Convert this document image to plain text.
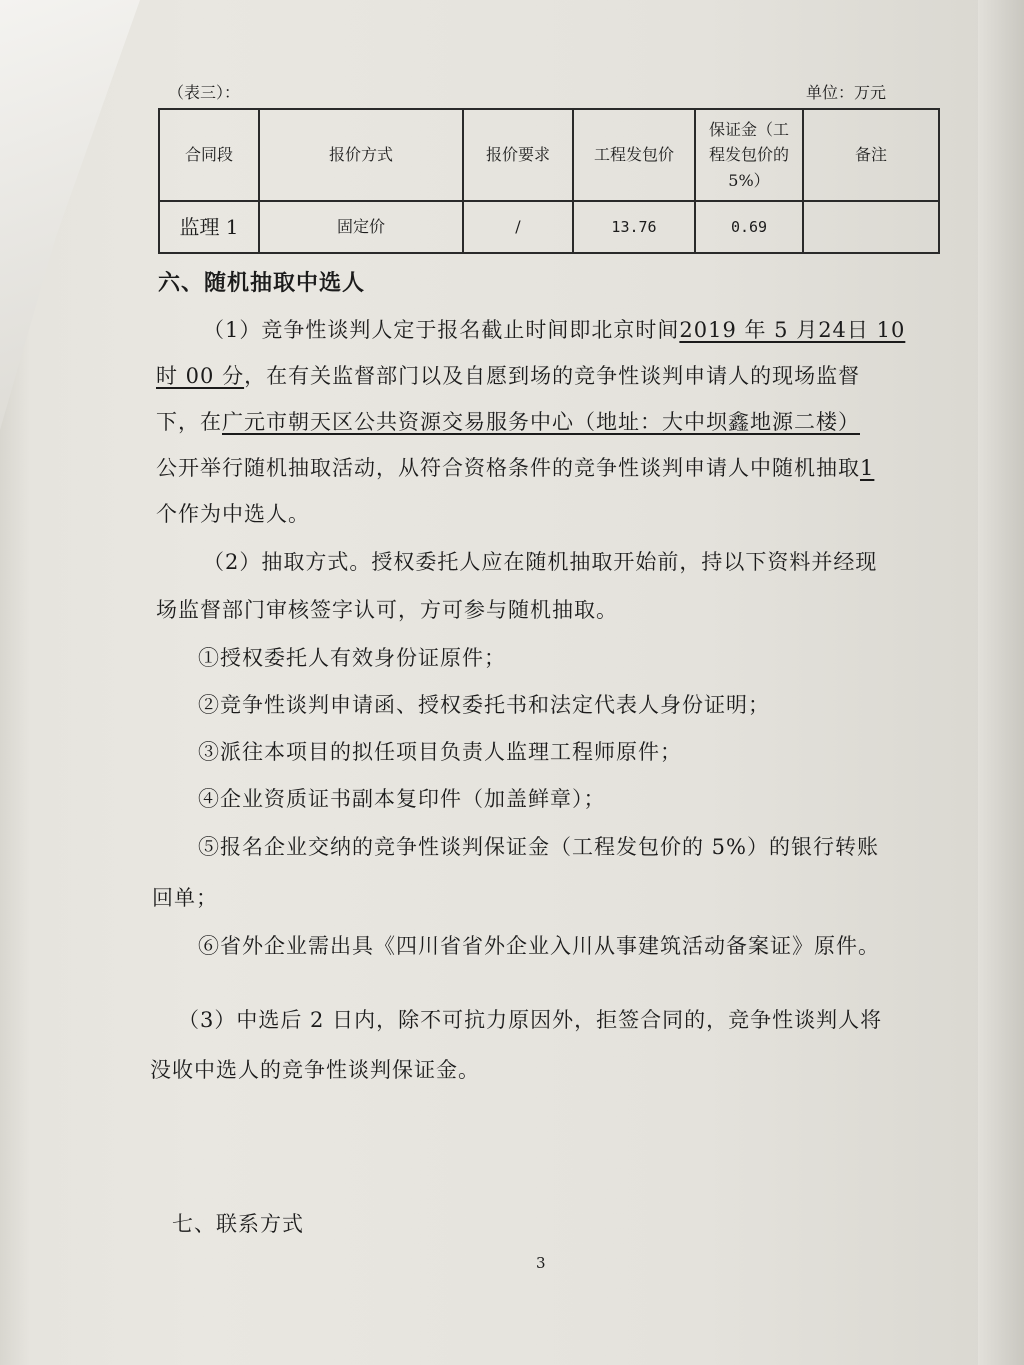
（表三）：	单位：万元
合同段	报价方式	报价要求	工程发包价	保证金（工程发包价的 5%）	备注
监理 1	固定价	/	13.76	0.69	
六、随机抽取中选人
（1）竞争性谈判人定于报名截止时间即北京时间2019 年 5 月24日 10
时 00 分，在有关监督部门以及自愿到场的竞争性谈判申请人的现场监督
下，在广元市朝天区公共资源交易服务中心（地址：大中坝鑫地源二楼）
公开举行随机抽取活动，从符合资格条件的竞争性谈判申请人中随机抽取1
个作为中选人。
（2）抽取方式。授权委托人应在随机抽取开始前，持以下资料并经现
场监督部门审核签字认可，方可参与随机抽取。
①授权委托人有效身份证原件；
②竞争性谈判申请函、授权委托书和法定代表人身份证明；
③派往本项目的拟任项目负责人监理工程师原件；
④企业资质证书副本复印件（加盖鲜章）；
⑤报名企业交纳的竞争性谈判保证金（工程发包价的 5%）的银行转账
回单；
⑥省外企业需出具《四川省省外企业入川从事建筑活动备案证》原件。
（3）中选后 2 日内，除不可抗力原因外，拒签合同的，竞争性谈判人将
没收中选人的竞争性谈判保证金。
七、联系方式
3
